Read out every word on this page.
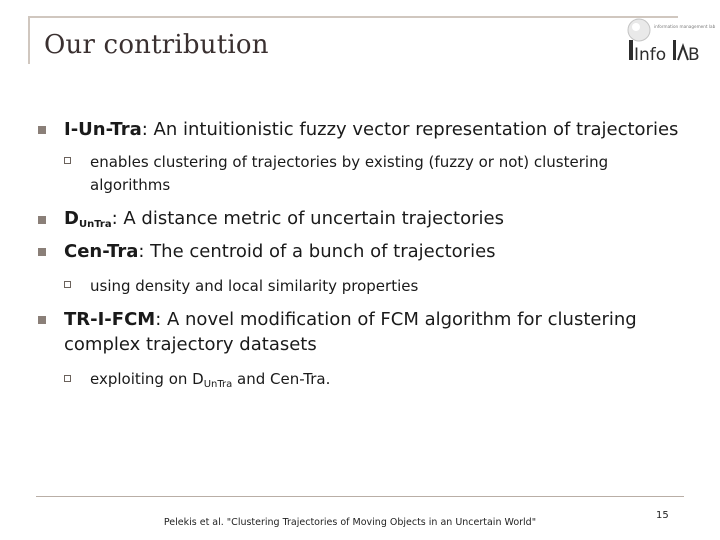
Our contribution
information management lab
Info B
I-Un-Tra: An intuitionistic fuzzy vector representation of trajectories
enables clustering of trajectories by existing (fuzzy or not) clustering
algorithms
$D_{UnTra}$: A distance metric of uncertain trajectories
Cen-Tra: The centroid of a bunch of trajectories
using density and local similarity properties
TR-I-FCM: A novel modification of FCM algorithm for clustering
complex trajectory datasets
exploiting on $D_{UnTra}$ and Cen-Tra.
Pelekis et al. "Clustering Trajectories of Moving Objects in an Uncertain World"
15
